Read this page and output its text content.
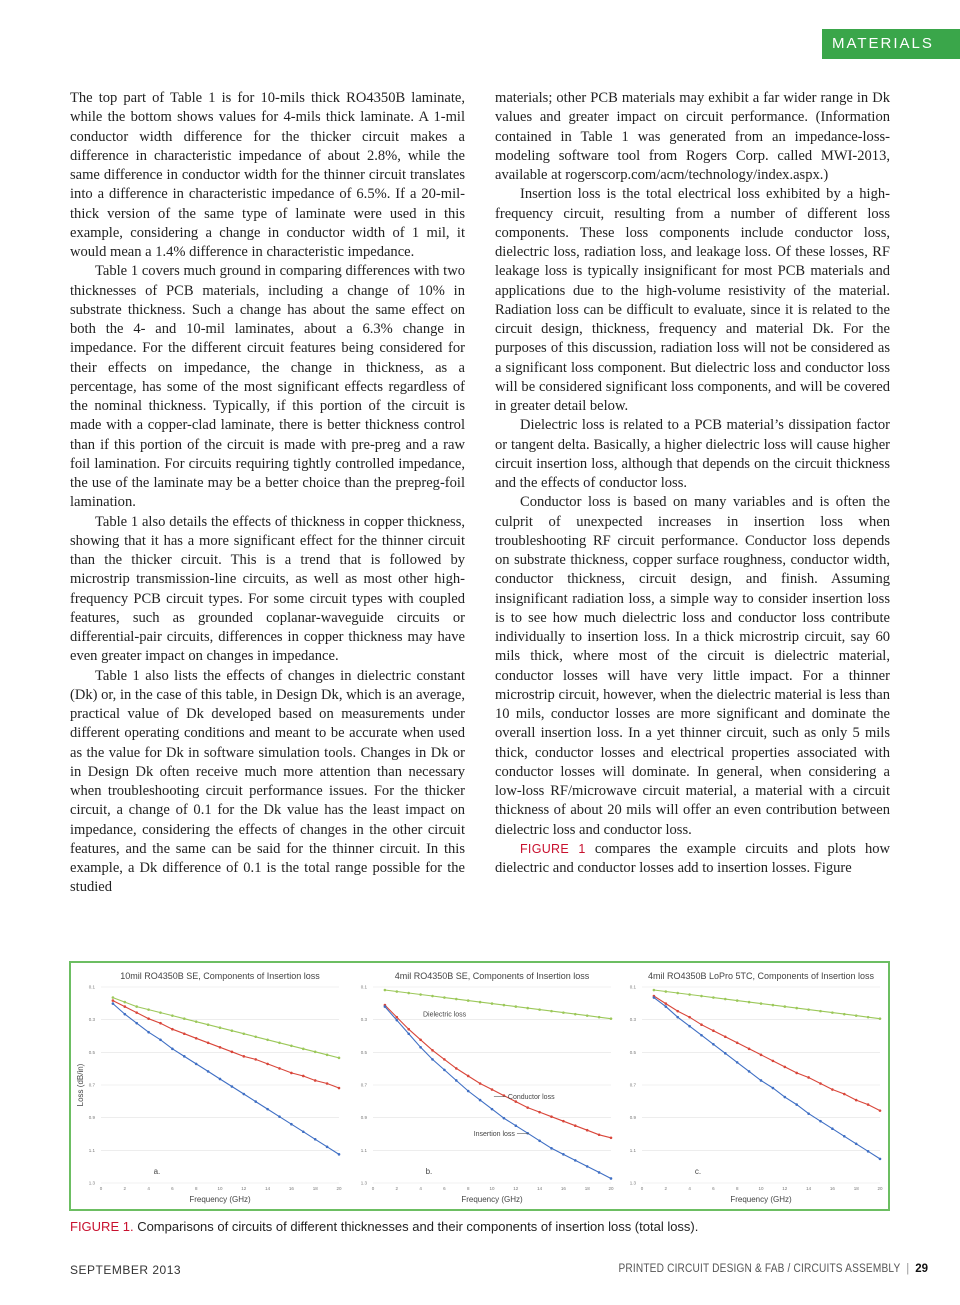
MATERIALS

The top part of Table 1 is for 10-mils thick RO4350B laminate, while the bottom shows values for 4-mils thick laminate. A 1-mil conductor width difference for the thicker circuit makes a difference in characteristic impedance of about 2.8%, while the same difference in conductor width for the thinner circuit translates into a difference in characteristic impedance of 6.5%. If a 20-mil-thick version of the same type of laminate were used in this example, considering a change in conductor width of 1 mil, it would mean a 1.4% difference in characteristic impedance.

Table 1 covers much ground in comparing differences with two thicknesses of PCB materials, including a change of 10% in substrate thickness. Such a change has about the same effect on both the 4- and 10-mil laminates, about a 6.3% change in impedance. For the different circuit features being considered for their effects on impedance, the change in thickness, as a percentage, has some of the most significant effects regardless of the nominal thickness. Typically, if this portion of the circuit is made with a copper-clad laminate, there is better thickness control than if this portion of the circuit is made with pre-preg and a raw foil lamination. For circuits requiring tightly controlled impedance, the use of the laminate may be a better choice than the prepreg-foil lamination.

Table 1 also details the effects of thickness in copper thickness, showing that it has a more significant effect for the thinner circuit than the thicker circuit. This is a trend that is followed by microstrip transmission-line circuits, as well as most other high-frequency PCB circuit types. For some circuit types with coupled features, such as grounded coplanar-waveguide circuits or differential-pair circuits, differences in copper thickness may have even greater impact on changes in impedance.

Table 1 also lists the effects of changes in dielectric constant (Dk) or, in the case of this table, in Design Dk, which is an average, practical value of Dk developed based on measurements under different operating conditions and meant to be accurate when used as the value for Dk in software simulation tools. Changes in Dk or in Design Dk often receive much more attention than necessary when troubleshooting circuit performance issues. For the thicker circuit, a change of 0.1 for the Dk value has the least impact on impedance, considering the effects of changes in the other circuit features, and the same can be said for the thinner circuit. In this example, a Dk difference of 0.1 is the total range possible for the studied

materials; other PCB materials may exhibit a far wider range in Dk values and greater impact on circuit performance. (Information contained in Table 1 was generated from an impedance-loss-modeling software tool from Rogers Corp. called MWI-2013, available at rogerscorp.com/acm/technology/index.aspx.)

Insertion loss is the total electrical loss exhibited by a high-frequency circuit, resulting from a number of different loss components. These loss components include conductor loss, dielectric loss, radiation loss, and leakage loss. Of these losses, RF leakage loss is typically insignificant for most PCB materials and applications due to the high-volume resistivity of the material. Radiation loss can be difficult to evaluate, since it is related to the circuit design, thickness, frequency and material Dk. For the purposes of this discussion, radiation loss will not be considered as a significant loss component. But dielectric loss and conductor loss will be considered significant loss components, and will be covered in greater detail below.

Dielectric loss is related to a PCB material’s dissipation factor or tangent delta. Basically, a higher dielectric loss will cause higher circuit insertion loss, although that depends on the circuit thickness and the effects of conductor loss.

Conductor loss is based on many variables and is often the culprit of unexpected increases in insertion loss when troubleshooting RF circuit performance. Conductor loss depends on substrate thickness, copper surface roughness, conductor width, conductor thickness, circuit design, and finish. Assuming insignificant radiation loss, a simple way to consider insertion loss is to see how much dielectric loss and conductor loss contribute individually to insertion loss. In a thick microstrip circuit, say 60 mils thick, where most of the circuit is dielectric material, conductor losses will have very little impact. For a thinner microstrip circuit, however, when the dielectric material is less than 10 mils, conductor losses are more significant and dominate the overall insertion loss. In a yet thinner circuit, such as only 5 mils thick, conductor losses and electrical properties associated with conductor losses will dominate. In general, when considering a low-loss RF/microwave circuit material, a material with a circuit thickness of about 20 mils will offer an even contribution between dielectric loss and conductor loss.

FIGURE 1 compares the example circuits and plots how dielectric and conductor losses add to insertion losses. Figure

Loss (dB/in)
10mil RO4350B SE, Components of Insertion loss
0.1
0.3
0.5
0.7
0.9
1.1
1.3
0	2	4	6	8	10	12	14	16	18	20
Frequency (GHz)
a.
4mil RO4350B SE, Components of Insertion loss
0.1
0.3
0.5
0.7
0.9
1.1
1.3
0	2	4	6	8	10	12	14	16	18	20
Frequency (GHz)
b.
Dielectric loss
Conductor loss
Insertion loss
4mil RO4350B LoPro 5TC, Components of Insertion loss
0.1
0.3
0.5
0.7
0.9
1.1
1.3
0	2	4	6	8	10	12	14	16	18	20
Frequency (GHz)
c.
FIGURE 1. Comparisons of circuits of different thicknesses and their components of insertion loss (total loss).
SEPTEMBER 2013	PRINTED CIRCUIT DESIGN & FAB / CIRCUITS ASSEMBLY | 29
